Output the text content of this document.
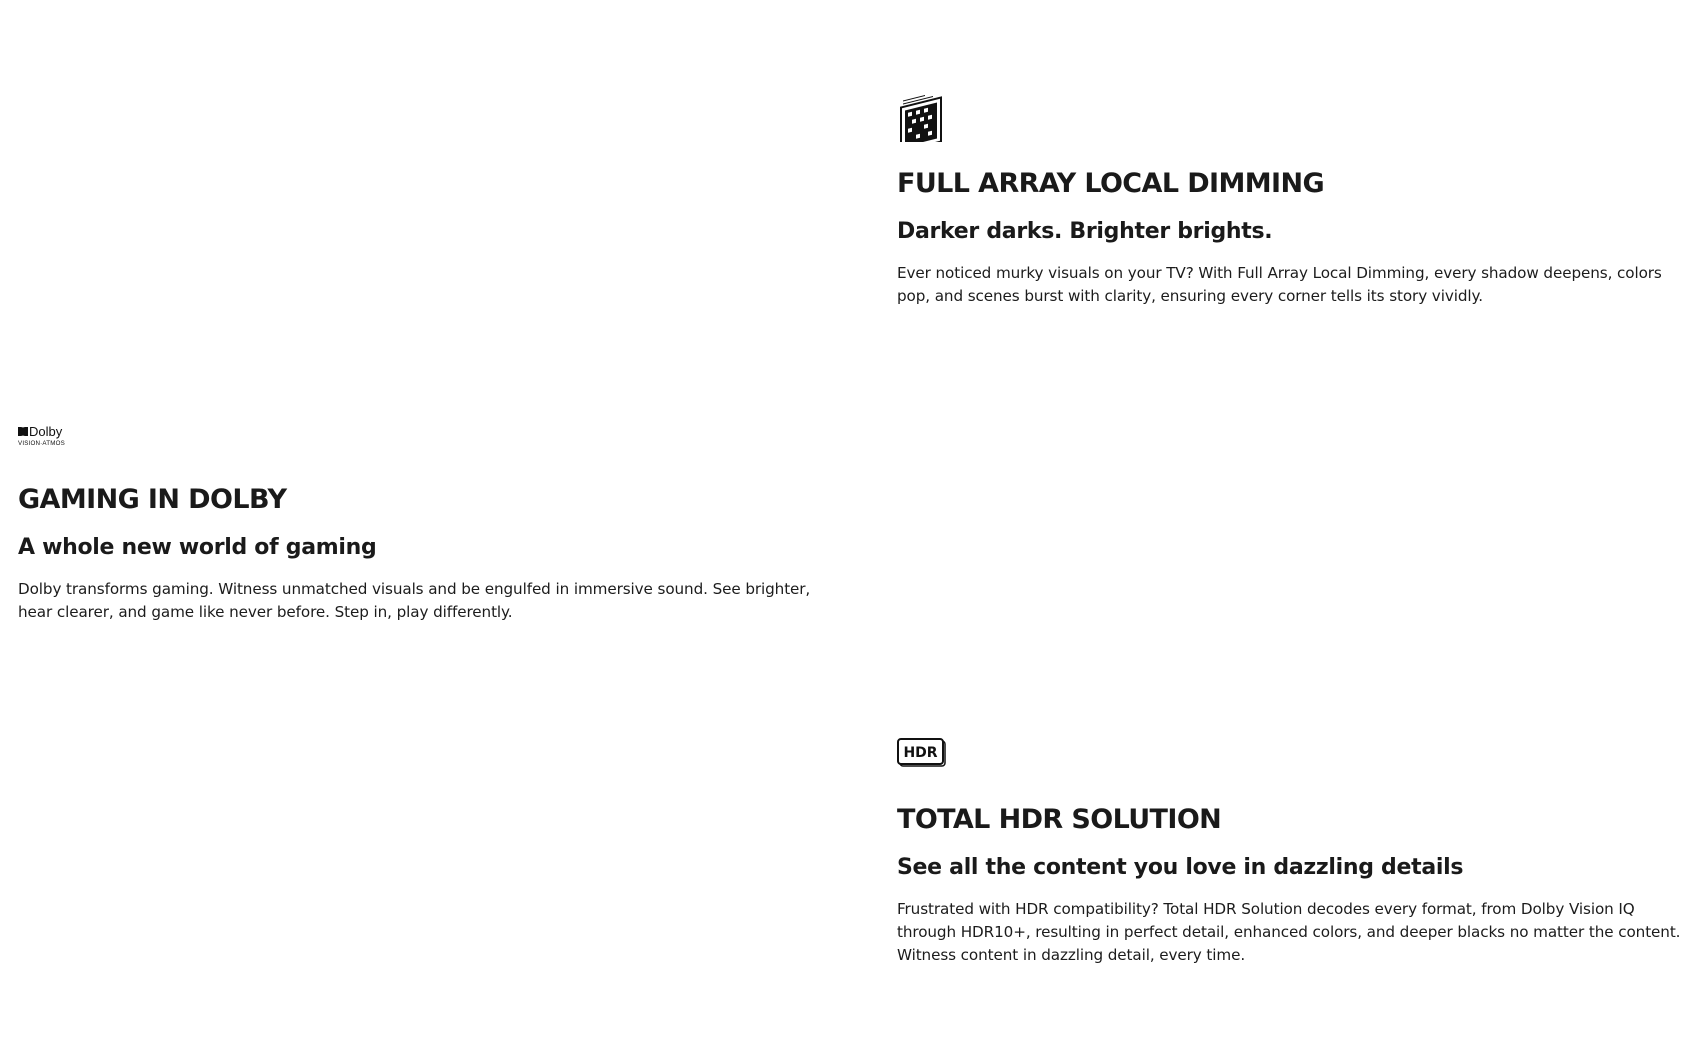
FULL ARRAY LOCAL DIMMING
Darker darks. Brighter brights.

Ever noticed murky visuals on your TV? With Full Array Local Dimming, every shadow deepens, colors pop, and scenes burst with clarity, ensuring every corner tells its story vividly.

Dolby
VISION·ATMOS
GAMING IN DOLBY
A whole new world of gaming

Dolby transforms gaming. Witness unmatched visuals and be engulfed in immersive sound. See brighter, hear clearer, and game like never before. Step in, play differently.

HDR
TOTAL HDR SOLUTION
See all the content you love in dazzling details

Frustrated with HDR compatibility? Total HDR Solution decodes every format, from Dolby Vision IQ through HDR10+, resulting in perfect detail, enhanced colors, and deeper blacks no matter the content. Witness content in dazzling detail, every time.
